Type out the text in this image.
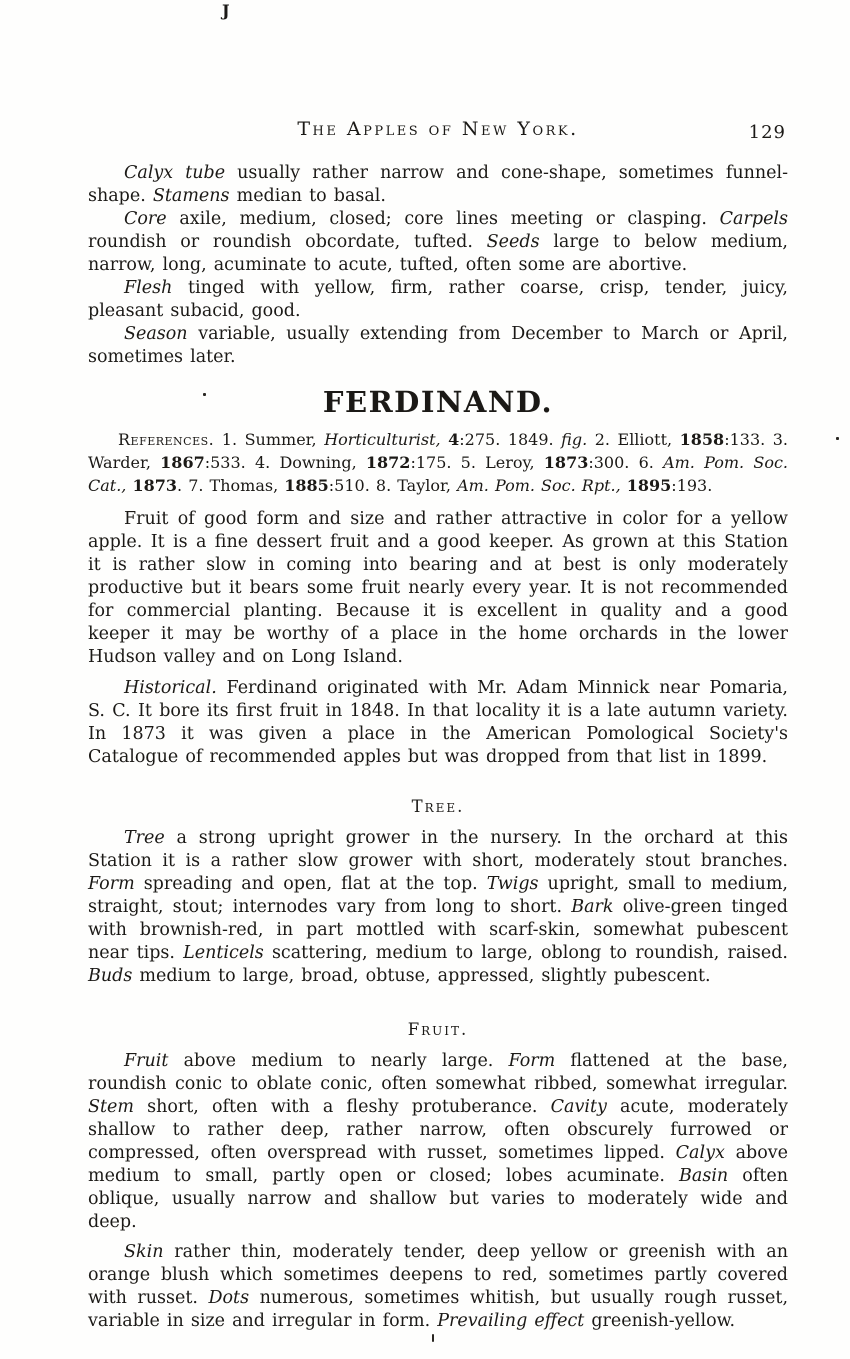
J
The Apples of New York.	129

Calyx tube usually rather narrow and cone-shape, sometimes funnel-shape. Stamens median to basal.

Core axile, medium, closed; core lines meeting or clasping. Carpels roundish or roundish obcordate, tufted. Seeds large to below medium, narrow, long, acuminate to acute, tufted, often some are abortive.

Flesh tinged with yellow, firm, rather coarse, crisp, tender, juicy, pleasant subacid, good.

Season variable, usually extending from December to March or April, sometimes later.

FERDINAND.

References. 1. Summer, Horticulturist, 4:275. 1849. fig. 2. Elliott, 1858:133. 3. Warder, 1867:533. 4. Downing, 1872:175. 5. Leroy, 1873:300. 6. Am. Pom. Soc. Cat., 1873. 7. Thomas, 1885:510. 8. Taylor, Am. Pom. Soc. Rpt., 1895:193.

Fruit of good form and size and rather attractive in color for a yellow apple. It is a fine dessert fruit and a good keeper. As grown at this Station it is rather slow in coming into bearing and at best is only moderately productive but it bears some fruit nearly every year. It is not recommended for commercial planting. Because it is excellent in quality and a good keeper it may be worthy of a place in the home orchards in the lower Hudson valley and on Long Island.

Historical. Ferdinand originated with Mr. Adam Minnick near Pomaria, S. C. It bore its first fruit in 1848. In that locality it is a late autumn variety. In 1873 it was given a place in the American Pomological Society's Catalogue of recommended apples but was dropped from that list in 1899.

Tree.

Tree a strong upright grower in the nursery. In the orchard at this Station it is a rather slow grower with short, moderately stout branches. Form spreading and open, flat at the top. Twigs upright, small to medium, straight, stout; internodes vary from long to short. Bark olive-green tinged with brownish-red, in part mottled with scarf-skin, somewhat pubescent near tips. Lenticels scattering, medium to large, oblong to roundish, raised. Buds medium to large, broad, obtuse, appressed, slightly pubescent.

Fruit.

Fruit above medium to nearly large. Form flattened at the base, roundish conic to oblate conic, often somewhat ribbed, somewhat irregular. Stem short, often with a fleshy protuberance. Cavity acute, moderately shallow to rather deep, rather narrow, often obscurely furrowed or compressed, often overspread with russet, sometimes lipped. Calyx above medium to small, partly open or closed; lobes acuminate. Basin often oblique, usually narrow and shallow but varies to moderately wide and deep.

Skin rather thin, moderately tender, deep yellow or greenish with an orange blush which sometimes deepens to red, sometimes partly covered with russet. Dots numerous, sometimes whitish, but usually rough russet, variable in size and irregular in form. Prevailing effect greenish-yellow.
